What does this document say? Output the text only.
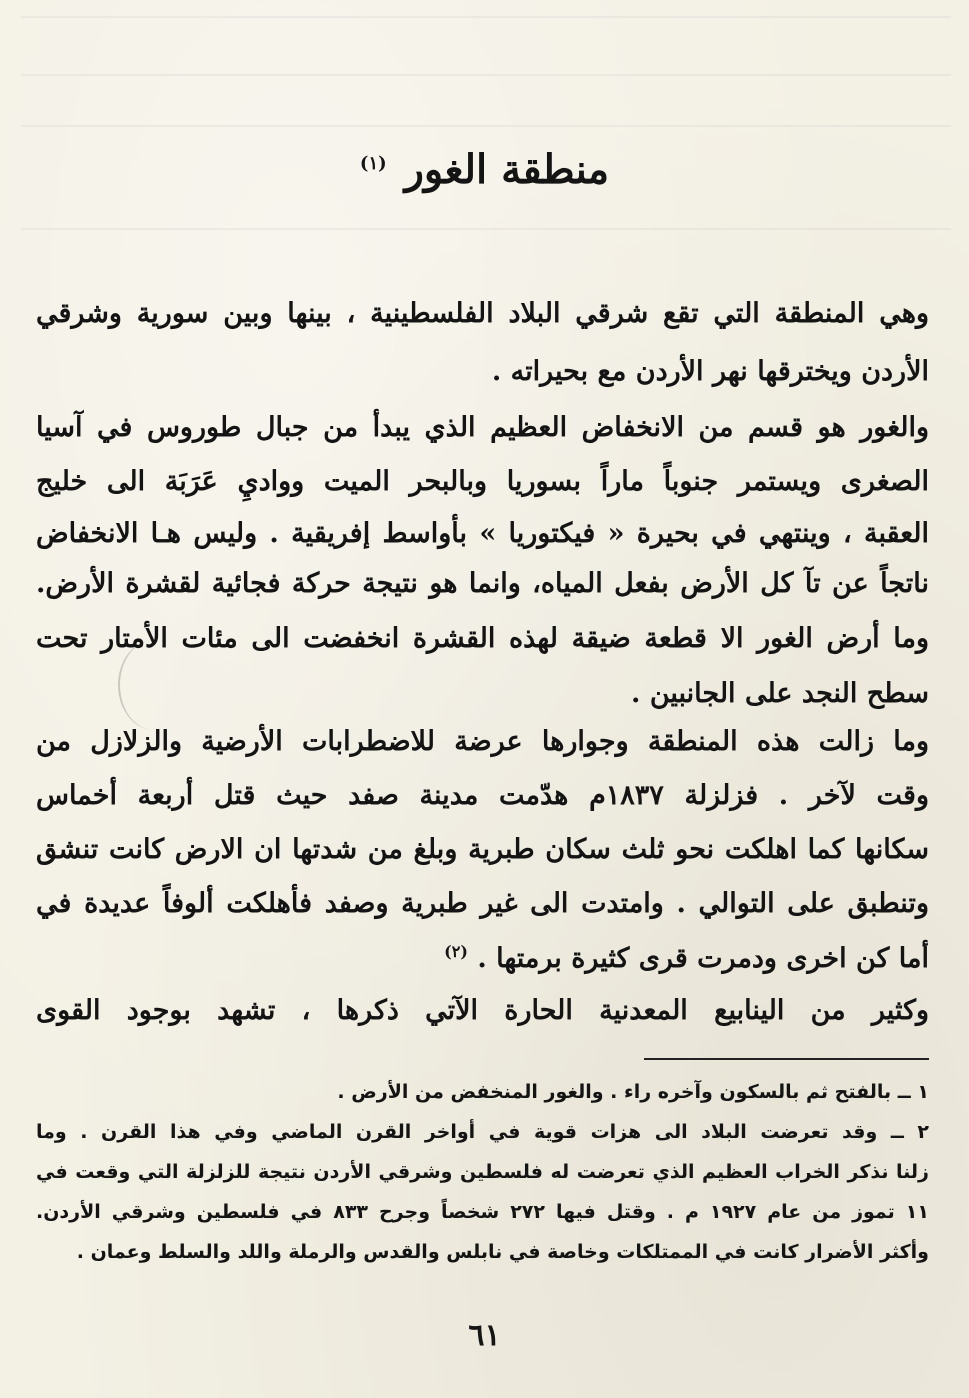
منطقة الغور $^{(١)}$
وهي المنطقة التي تقع شرقي البلاد الفلسطينية ، بينها وبين سورية وشرقي
الأردن ويخترقها نهر الأردن مع بحيراته .
والغور هو قسم من الانخفاض العظيم الذي يبدأ من جبال طوروس في آسيا
الصغرى ويستمر جنوباً ماراً بسوريا وبالبحر الميت وواديِ عَرَبَة الى خليج
العقبة ، وينتهي في بحيرة « فيكتوريا » بأواسط إفريقية . وليس هـا الانخفاض
ناتجاً عن تآ كل الأرض بفعل المياه، وانما هو نتيجة حركة فجائية لقشرة الأرض.
وما أرض الغور الا قطعة ضيقة لهذه القشرة انخفضت الى مئات الأمتار تحت
سطح النجد على الجانبين .
وما زالت هذه المنطقة وجوارها عرضة للاضطرابات الأرضية والزلازل من
وقت لآخر . فزلزلة ١٨٣٧م هدّمت مدينة صفد حيث قتل أربعة أخماس
سكانها كما اهلكت نحو ثلث سكان طبرية وبلغ من شدتها ان الارض كانت تنشق
وتنطبق على التوالي . وامتدت الى غير طبرية وصفد فأهلكت ألوفاً عديدة في
أما كن اخرى ودمرت قرى كثيرة برمتها . $^{(٢)}$
وكثير من الينابيع المعدنية الحارة الآتي ذكرها ، تشهد بوجود القوى
١ ــ بالفتح ثم بالسكون وآخره راء . والغور المنخفض من الأرض .
٢ ــ وقد تعرضت البلاد الى هزات قوية في أواخر القرن الماضي وفي هذا القرن . وما
زلنا نذكر الخراب العظيم الذي تعرضت له فلسطين وشرقي الأردن نتيجة للزلزلة التي وقعت في
١١ تموز من عام ١٩٢٧ م . وقتل فيها ٢٧٢ شخصاً وجرح ٨٣٣ في فلسطين وشرقي الأردن.
وأكثر الأضرار كانت في الممتلكات وخاصة في نابلس والقدس والرملة واللد والسلط وعمان .
٦١
